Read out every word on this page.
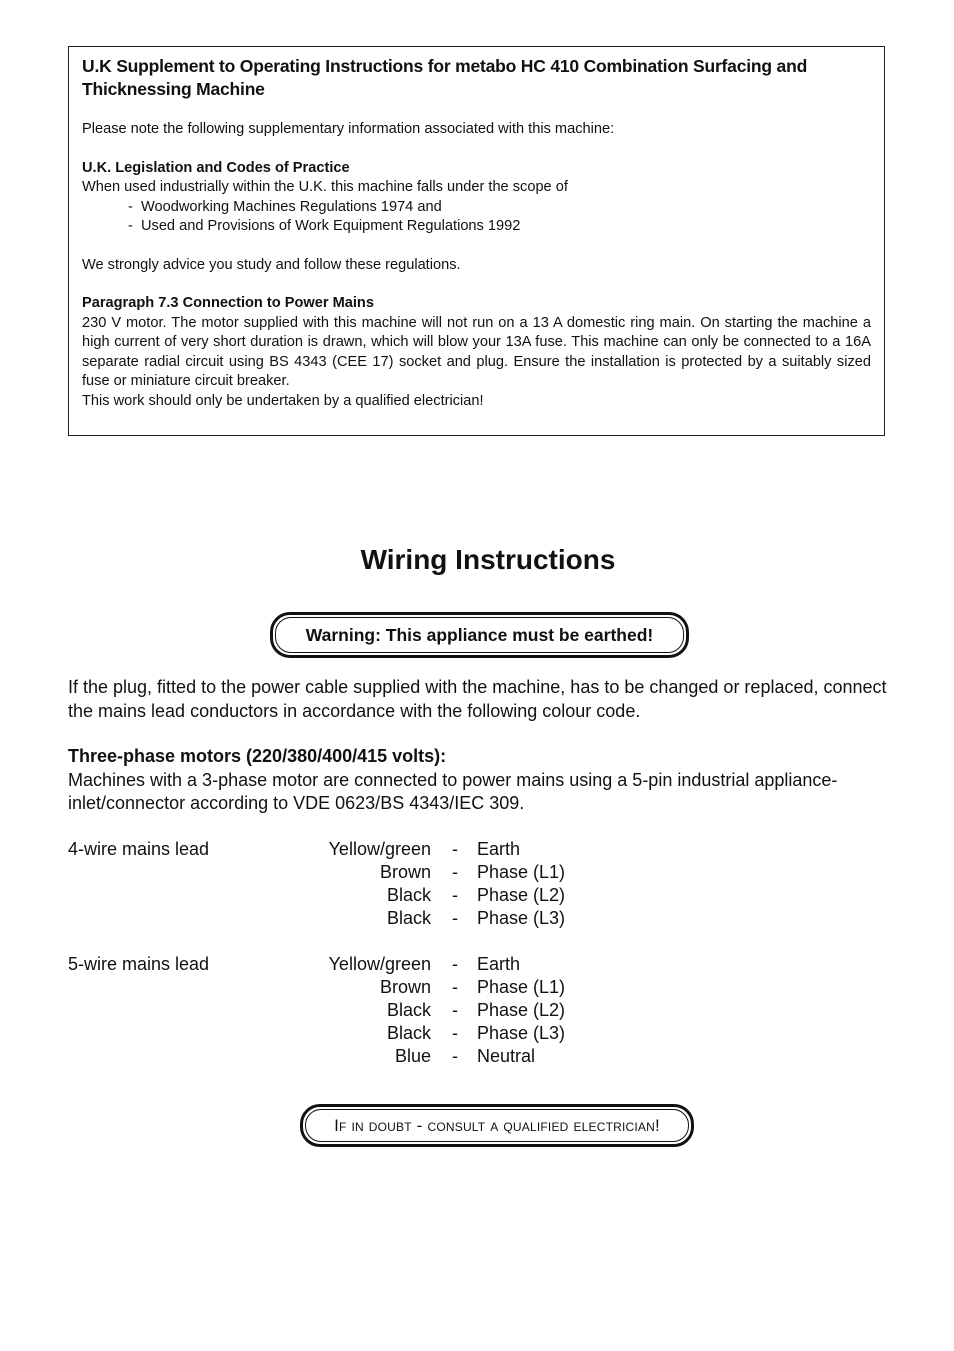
U.K Supplement to Operating Instructions for metabo HC 410 Combination Surfacing and Thicknessing Machine

Please note the following supplementary information associated with this machine:

U.K. Legislation and Codes of Practice

When used industrially within the U.K. this machine falls under the scope of

- Woodworking Machines Regulations 1974 and
- Used and Provisions of Work Equipment Regulations 1992

We strongly advice you study and follow these regulations.

Paragraph 7.3 Connection to Power Mains

230 V motor. The motor supplied with this machine will not run on a 13 A domestic ring main. On starting the machine a high current of very short duration is drawn, which will blow your 13A fuse. This machine can only be connected to a 16A separate radial circuit using BS 4343 (CEE 17) socket and plug. Ensure the installation is protected by a suitably sized fuse or miniature circuit breaker.

This work should only be undertaken by a qualified electrician!

Wiring Instructions
Warning: This appliance must be earthed!

If the plug, fitted to the power cable supplied with the machine, has to be changed or replaced, connect the mains lead conductors in accordance with the following colour code.

Three-phase motors (220/380/400/415 volts):

Machines with a 3-phase motor are connected to power mains using a 5-pin industrial appliance-inlet/connector according to VDE 0623/BS 4343/IEC 309.

4-wire mains lead	Yellow/green - Earth
Brown - Phase (L1)
Black - Phase (L2)
Black - Phase (L3)
5-wire mains lead	Yellow/green - Earth
Brown - Phase (L1)
Black - Phase (L2)
Black - Phase (L3)
Blue - Neutral
If in doubt - consult a qualified electrician!
